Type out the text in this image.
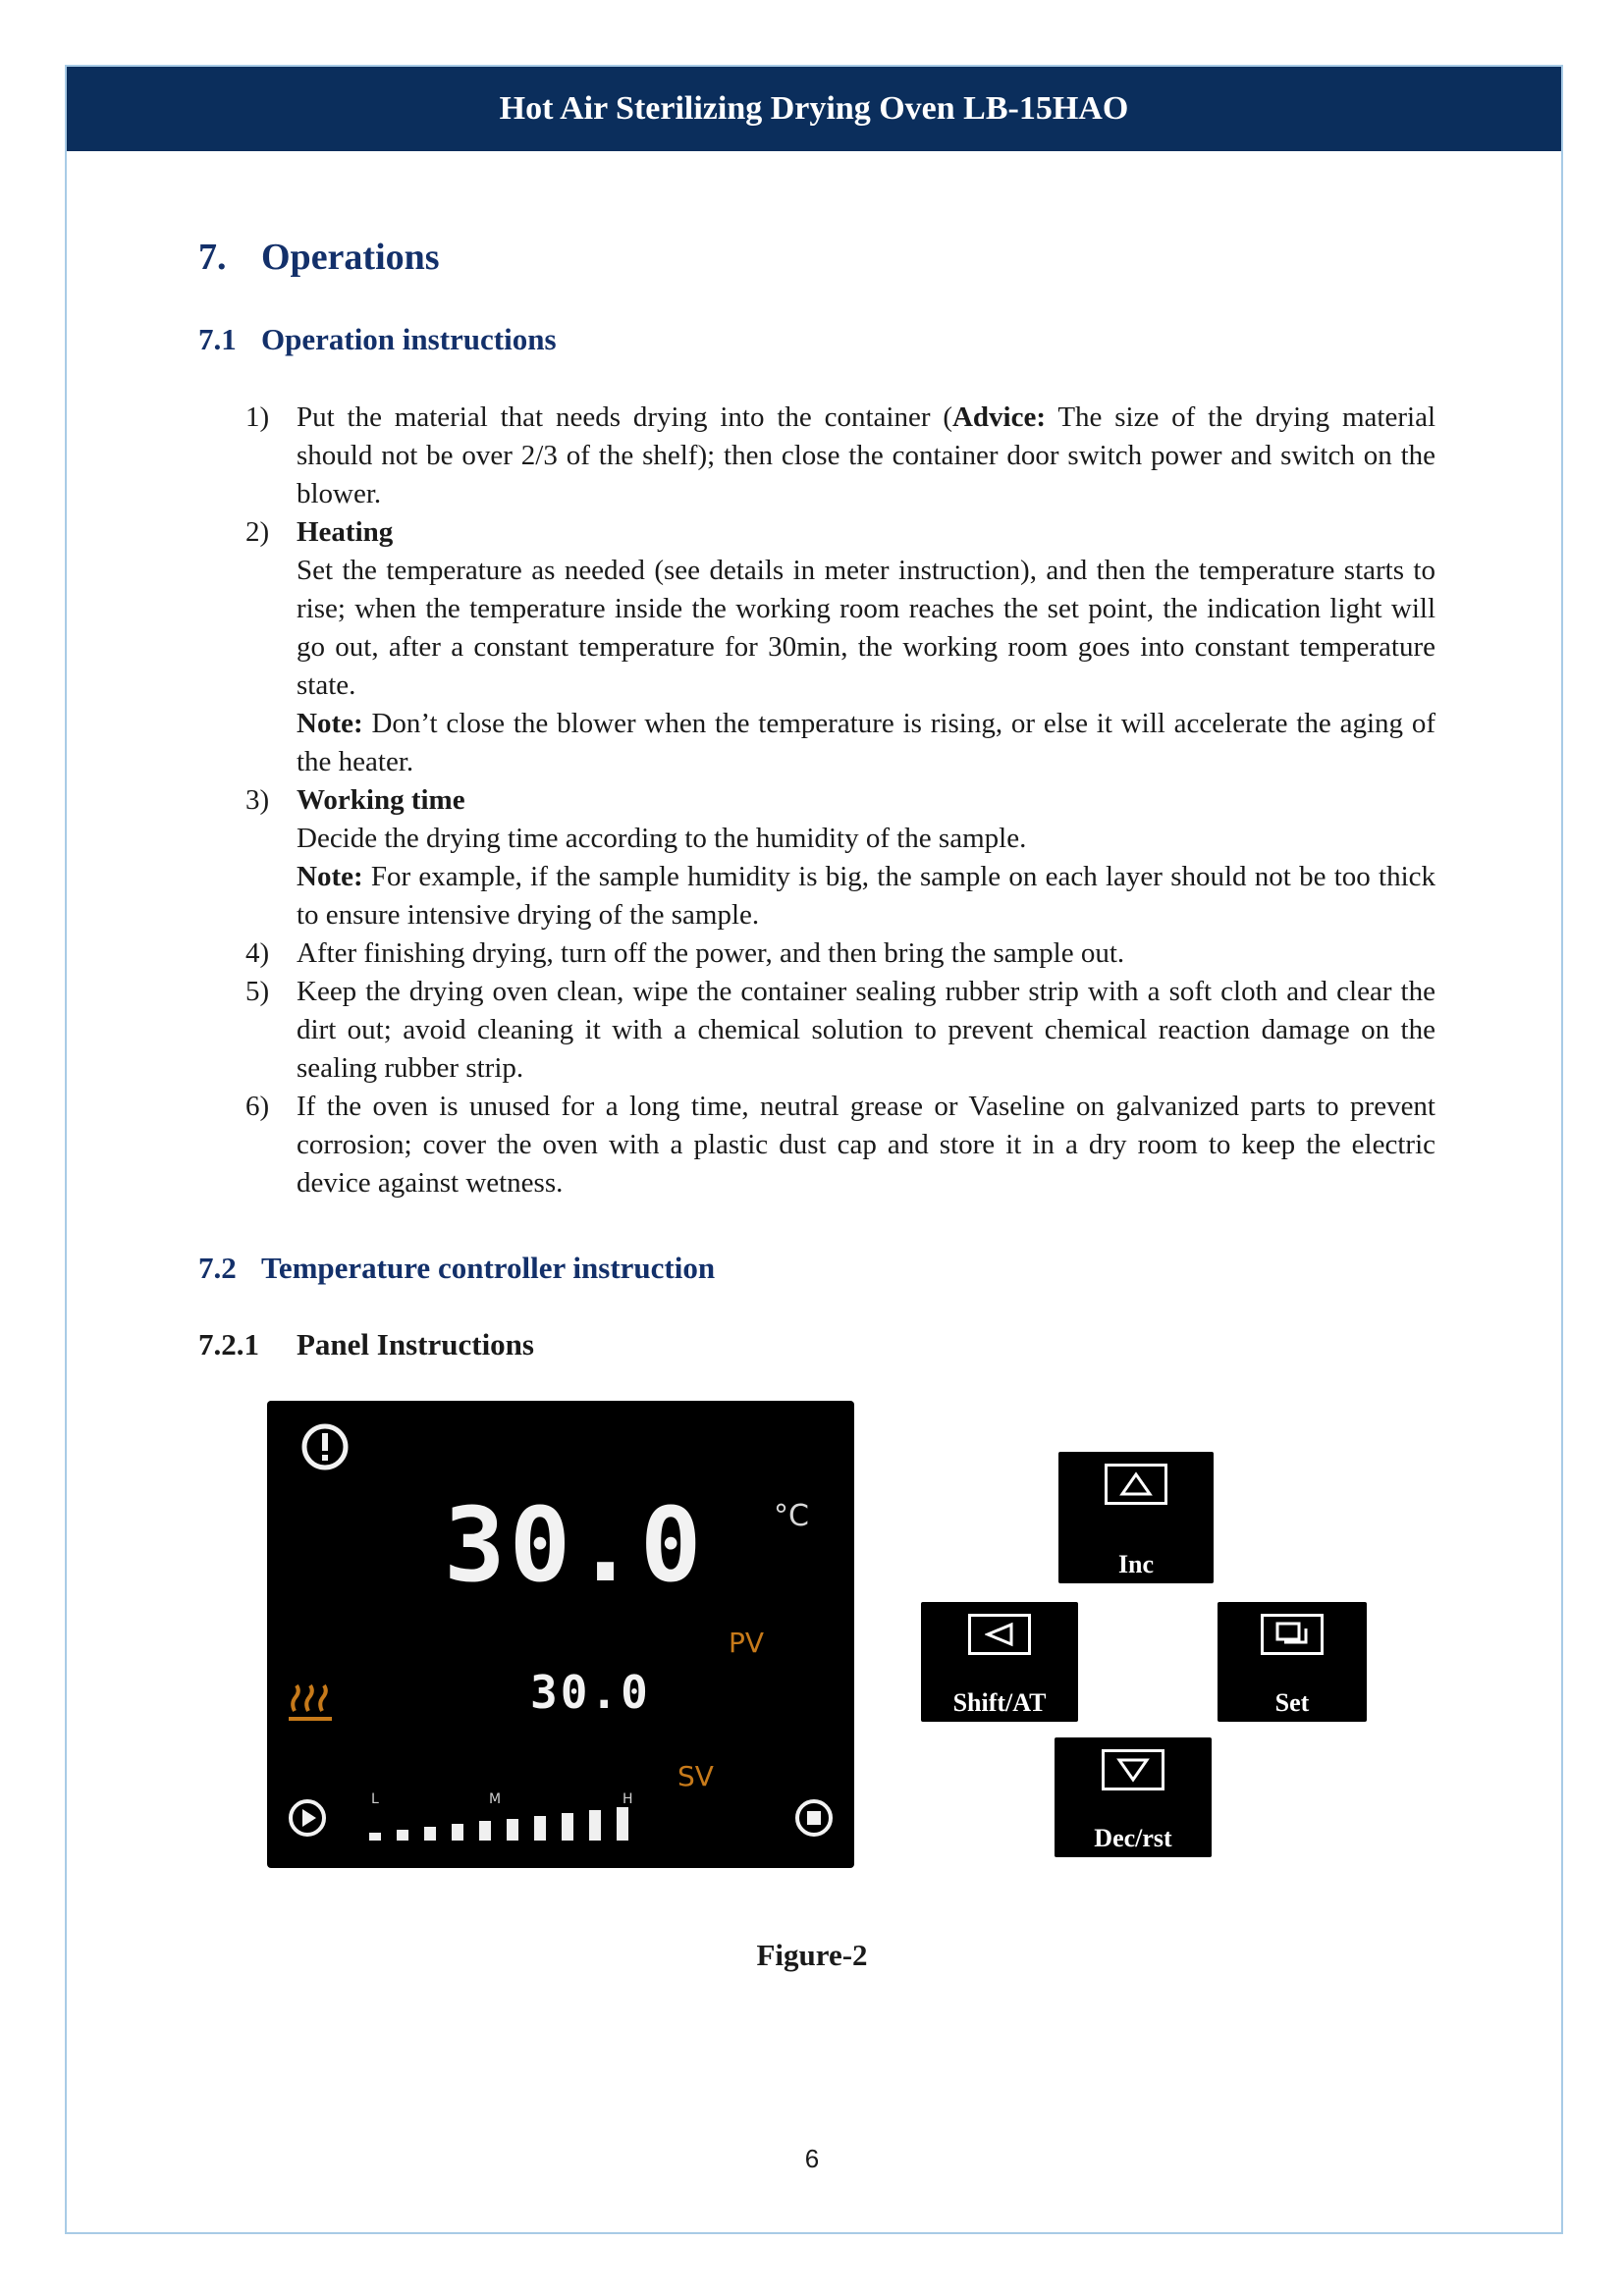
Hot Air Sterilizing Drying Oven LB-15HAO
7. Operations
7.1 Operation instructions
1) Put the material that needs drying into the container (Advice: The size of the drying material should not be over 2/3 of the shelf); then close the container door switch power and switch on the blower.

2) Heating

Set the temperature as needed (see details in meter instruction), and then the temperature starts to rise; when the temperature inside the working room reaches the set point, the indication light will go out, after a constant temperature for 30min, the working room goes into constant temperature state.

Note: Don’t close the blower when the temperature is rising, or else it will accelerate the aging of the heater.

3) Working time

Decide the drying time according to the humidity of the sample.

Note: For example, if the sample humidity is big, the sample on each layer should not be too thick to ensure intensive drying of the sample.

4) After finishing drying, turn off the power, and then bring the sample out.

5) Keep the drying oven clean, wipe the container sealing rubber strip with a soft cloth and clear the dirt out; avoid cleaning it with a chemical solution to prevent chemical reaction damage on the sealing rubber strip.

6) If the oven is unused for a long time, neutral grease or Vaseline on galvanized parts to prevent corrosion; cover the oven with a plastic dust cap and store it in a dry room to keep the electric device against wetness.

7.2 Temperature controller instruction
7.2.1 Panel Instructions
30.0 °C
PV
30.0
SV
L	M	H
Inc
Shift/AT	Set
Dec/rst
Figure-2
6
